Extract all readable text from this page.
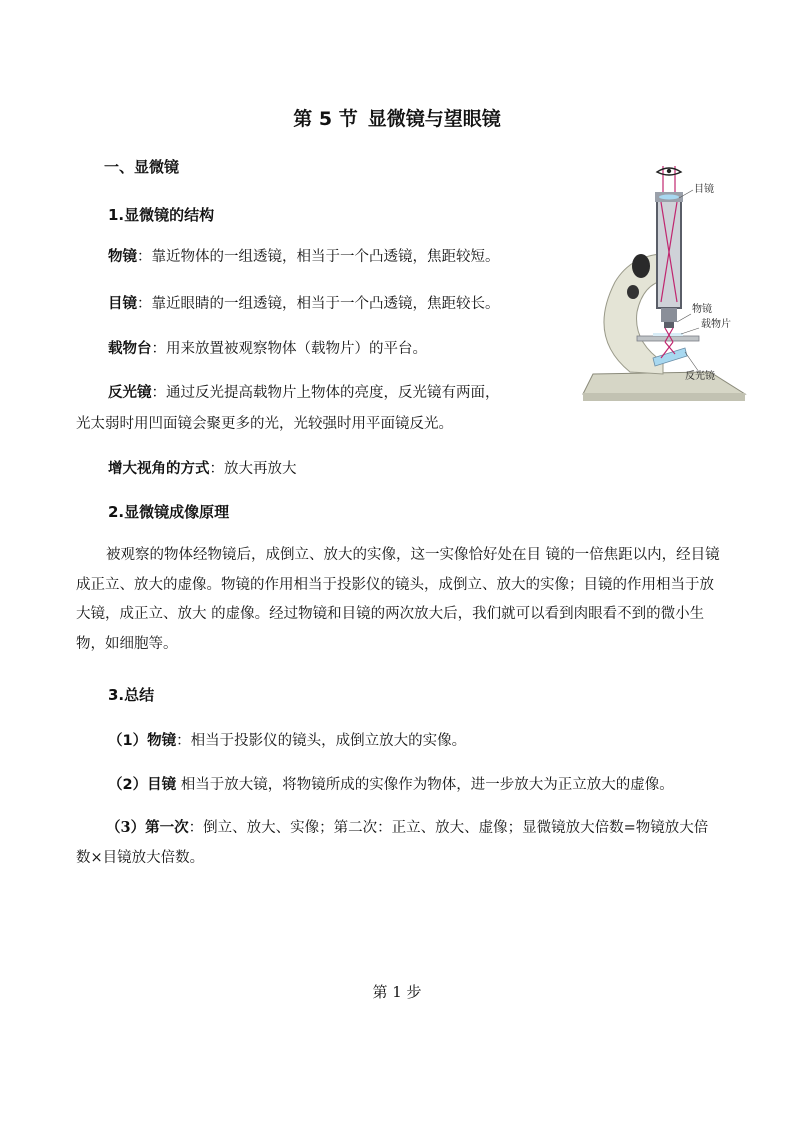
第 5 节 显微镜与望眼镜
一、显微镜
1.显微镜的结构
物镜：靠近物体的一组透镜，相当于一个凸透镜，焦距较短。
目镜：靠近眼睛的一组透镜，相当于一个凸透镜，焦距较长。
载物台：用来放置被观察物体（载物片）的平台。
反光镜：通过反光提高载物片上物体的亮度，反光镜有两面，
光太弱时用凹面镜会聚更多的光，光较强时用平面镜反光。
增大视角的方式：放大再放大
2.显微镜成像原理
被观察的物体经物镜后，成倒立、放大的实像，这一实像恰好处在目 镜的一倍焦距以内，经目镜成正立、放大的虚像。物镜的作用相当于投影仪的镜头，成倒立、放大的实像；目镜的作用相当于放大镜，成正立、放大 的虚像。经过物镜和目镜的两次放大后，我们就可以看到肉眼看不到的微小生物，如细胞等。
3.总结
（1）物镜：相当于投影仪的镜头，成倒立放大的实像。
（2）目镜 相当于放大镜，将物镜所成的实像作为物体，进一步放大为正立放大的虚像。
（3）第一次：倒立、放大、实像；第二次：正立、放大、虚像；显微镜放大倍数=物镜放大倍数×目镜放大倍数。
目镜
物镜
载物片
反光镜
第 1 步
